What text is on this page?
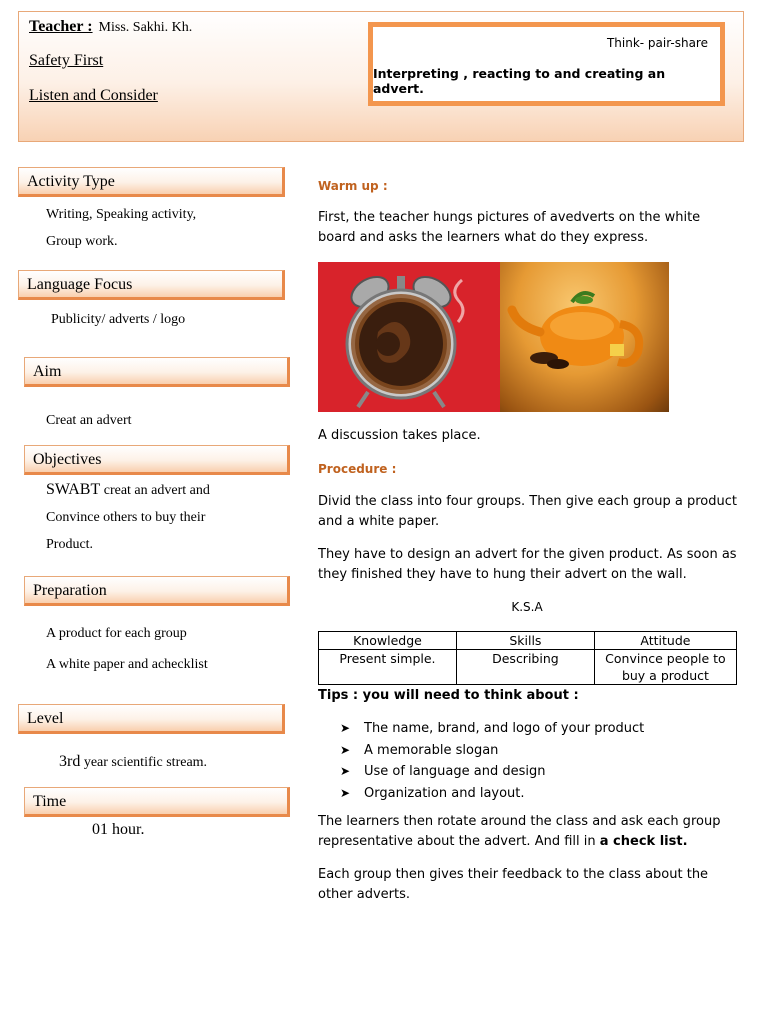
Teacher : Miss. Sakhi. Kh.
Safety First
Listen and Consider
Think- pair-share
Interpreting , reacting to and creating an advert.
Activity Type
Writing, Speaking activity,
Group work.
Language Focus
Publicity/ adverts / logo
Aim
Creat an advert
Objectives
SWABT creat an advert and
Convince others to buy their
Product.
Preparation
A product for each group
A white paper and achecklist
Level
3rd year scientific stream.
Time
01 hour.
Warm up :
First, the teacher hungs pictures of avedverts on the white board and asks the learners what do they express.
A discussion takes place.
Procedure :
Divid the class into four groups. Then give each group a product and a white paper.
They have to design an advert for the given product. As soon as they finished they have to hung their advert on the wall.
K.S.A
Knowledge	Skills	Attitude
Present simple.	Describing	Convince people to buy a product
Tips : you will need to think about :
➤ The name, brand, and logo of your product
➤ A memorable slogan
➤ Use of language and design
➤ Organization and layout.
The learners then rotate around the class and ask each group representative about the advert. And fill in a check list.
Each group then gives their feedback to the class about the other adverts.
